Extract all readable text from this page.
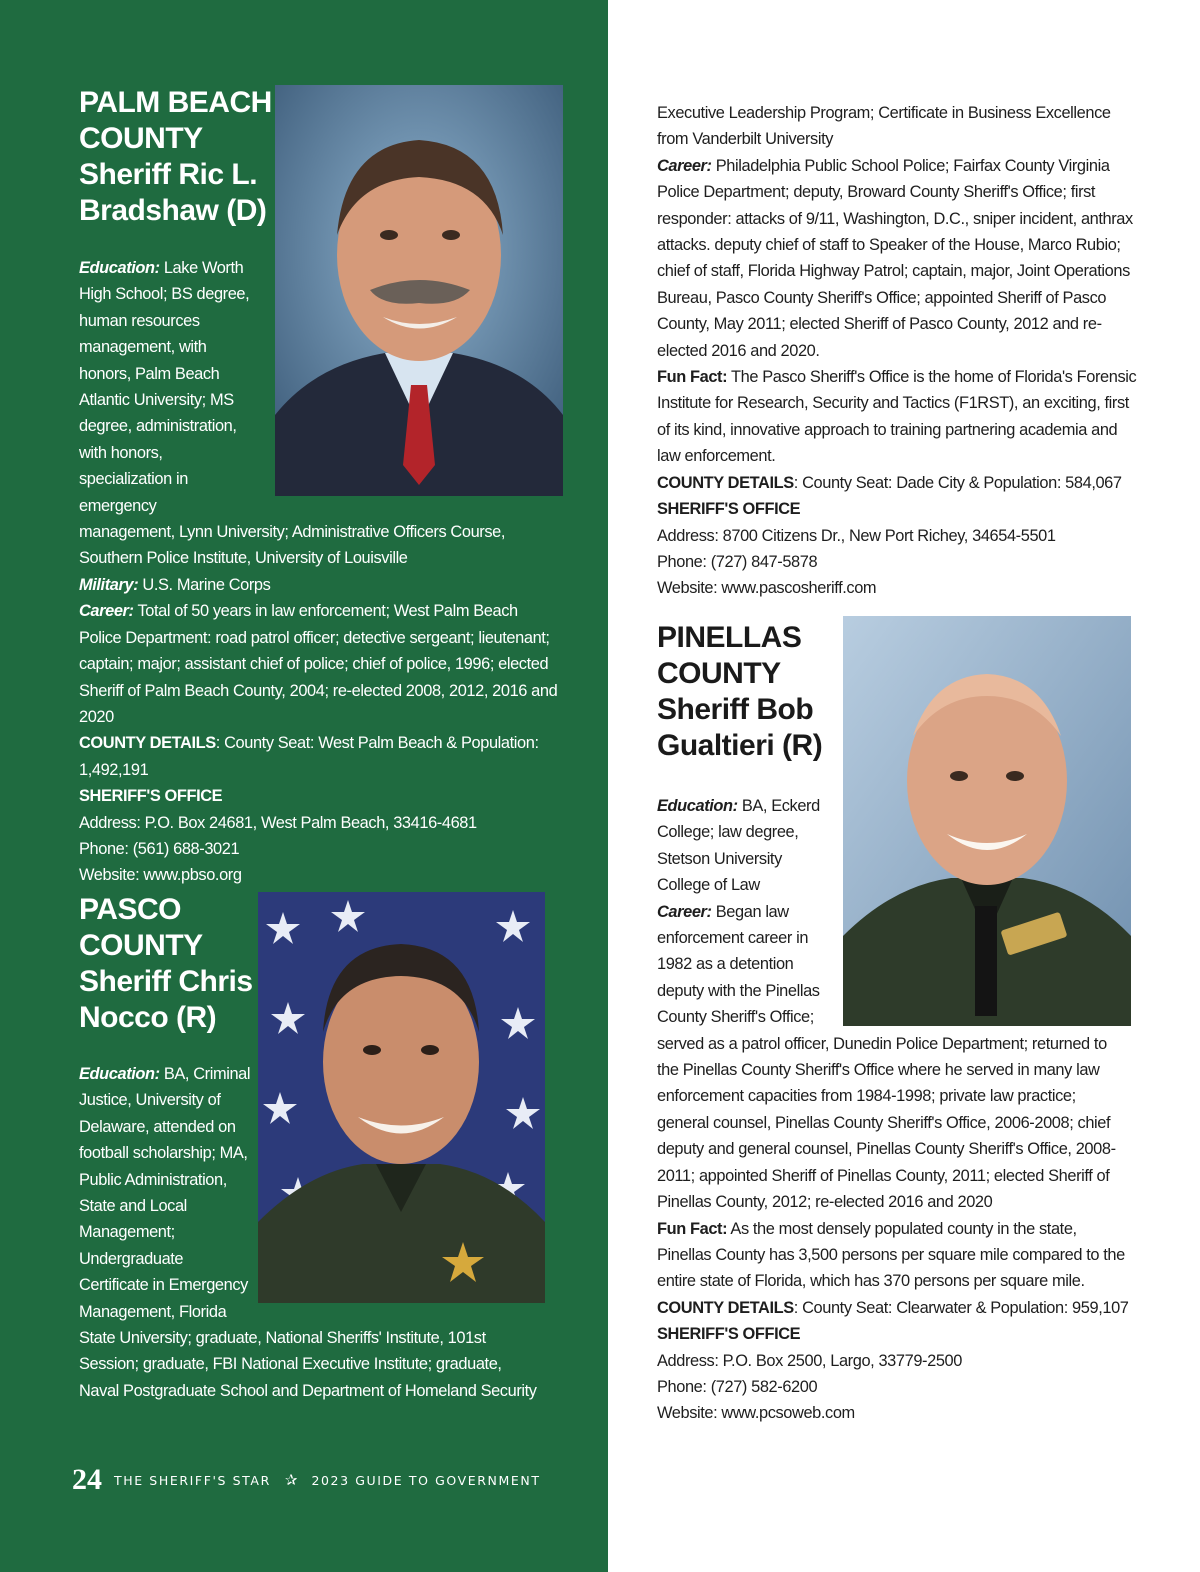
PALM BEACH
COUNTY
Sheriff Ric L.
Bradshaw (D)

Education: Lake Worth High School; BS degree, human resources management, with honors, Palm Beach Atlantic University; MS degree, administration, with honors, specialization in emergency management, Lynn University; Administrative Officers Course, Southern Police Institute, University of Louisville

Military: U.S. Marine Corps

Career: Total of 50 years in law enforcement; West Palm Beach Police Department: road patrol officer; detective sergeant; lieutenant; captain; major; assistant chief of police; chief of police, 1996; elected Sheriff of Palm Beach County, 2004; re-elected 2008, 2012, 2016 and 2020

COUNTY DETAILS: County Seat: West Palm Beach & Population: 1,492,191

SHERIFF'S OFFICE

Address: P.O. Box 24681, West Palm Beach, 33416-4681

Phone: (561) 688-3021

Website: www.pbso.org

PASCO
COUNTY
Sheriff Chris
Nocco (R)

Education: BA, Criminal Justice, University of Delaware, attended on football scholarship; MA, Public Administration, State and Local Management; Undergraduate Certificate in Emergency Management, Florida State University; graduate, National Sheriffs' Institute, 101st Session; graduate, FBI National Executive Institute; graduate, Naval Postgraduate School and Department of Homeland Security

Executive Leadership Program; Certificate in Business Excellence from Vanderbilt University

Career: Philadelphia Public School Police; Fairfax County Virginia Police Department; deputy, Broward County Sheriff's Office; first responder: attacks of 9/11, Washington, D.C., sniper incident, anthrax attacks. deputy chief of staff to Speaker of the House, Marco Rubio; chief of staff, Florida Highway Patrol; captain, major, Joint Operations Bureau, Pasco County Sheriff's Office; appointed Sheriff of Pasco County, May 2011; elected Sheriff of Pasco County, 2012 and re-elected 2016 and 2020.

Fun Fact: The Pasco Sheriff's Office is the home of Florida's Forensic Institute for Research, Security and Tactics (F1RST), an exciting, first of its kind, innovative approach to training partnering academia and law enforcement.

COUNTY DETAILS: County Seat: Dade City & Population: 584,067

SHERIFF'S OFFICE

Address: 8700 Citizens Dr., New Port Richey, 34654-5501

Phone: (727) 847-5878

Website: www.pascosheriff.com

PINELLAS
COUNTY
Sheriff Bob
Gualtieri (R)

Education: BA, Eckerd College; law degree, Stetson University College of Law

Career: Began law enforcement career in 1982 as a detention deputy with the Pinellas County Sheriff's Office; served as a patrol officer, Dunedin Police Department; returned to the Pinellas County Sheriff's Office where he served in many law enforcement capacities from 1984-1998; private law practice; general counsel, Pinellas County Sheriff's Office, 2006-2008; chief deputy and general counsel, Pinellas County Sheriff's Office, 2008-2011; appointed Sheriff of Pinellas County, 2011; elected Sheriff of Pinellas County, 2012; re-elected 2016 and 2020

Fun Fact: As the most densely populated county in the state, Pinellas County has 3,500 persons per square mile compared to the entire state of Florida, which has 370 persons per square mile.

COUNTY DETAILS: County Seat: Clearwater & Population: 959,107

SHERIFF'S OFFICE

Address: P.O. Box 2500, Largo, 33779-2500

Phone: (727) 582-6200

Website: www.pcsoweb.com

24 THE SHERIFF'S STAR ✰ 2023 GUIDE TO GOVERNMENT
